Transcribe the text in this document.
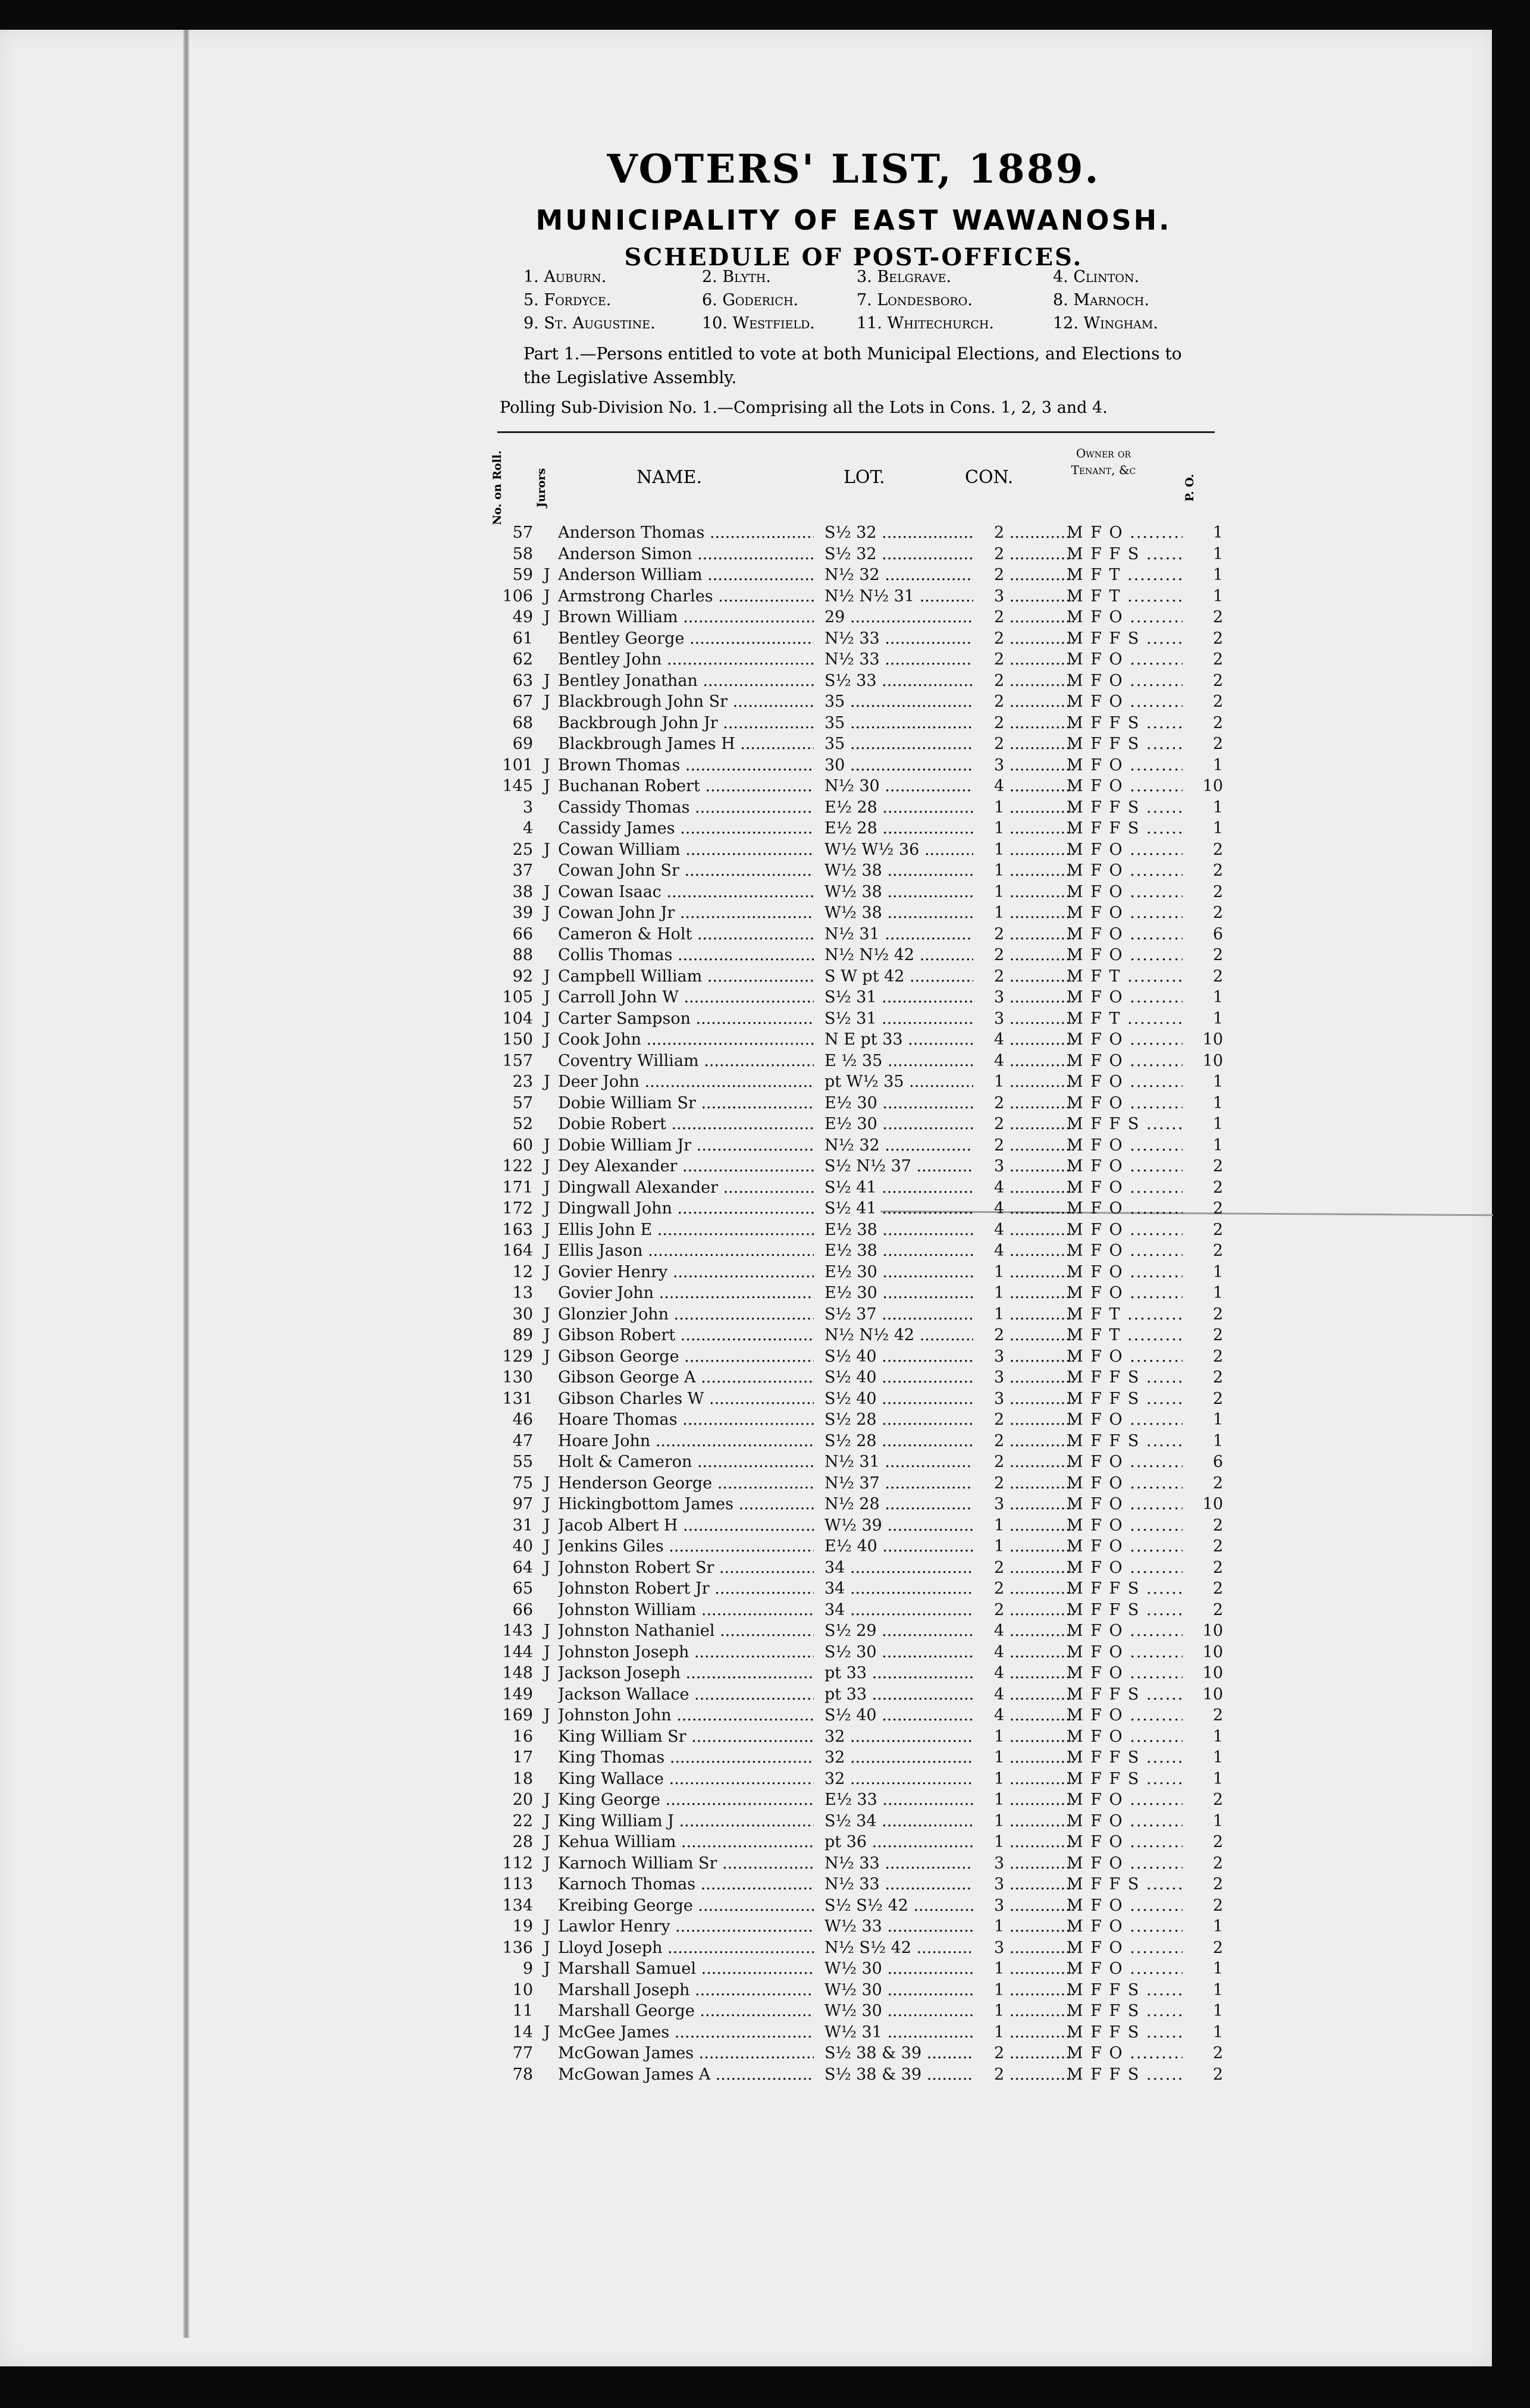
VOTERS' LIST, 1889.
MUNICIPALITY OF EAST WAWANOSH.
SCHEDULE OF POST-OFFICES.
1. Auburn.	2. Blyth.	3. Belgrave.	4. Clinton.
5. Fordyce.	6. Goderich.	7. Londesboro.	8. Marnoch.
9. St. Augustine.	10. Westfield.	11. Whitechurch.	12. Wingham.
Part 1.—Persons entitled to vote at both Municipal Elections, and Elections to the Legislative Assembly.
Polling Sub-Division No. 1.—Comprising all the Lots in Cons. 1, 2, 3 and 4.
No. on Roll.	Jurors	NAME.	LOT.	CON.
Owner or Tenant, &c
P. O.
57 Anderson Thomas .....	S½ 32 .....	2 .....	M F O .....	1
58 Anderson Simon .....	S½ 32 .....	2 .....	M F F S .....	1
59 J Anderson William .....	N½ 32 .....	2 .....	M F T .....	1
106 J Armstrong Charles .....	N½ N½ 31 .....	3 .....	M F T .....	1
49 J Brown William .....	29 .....	2 .....	M F O .....	2
61 Bentley George .....	N½ 33 .....	2 .....	M F F S .....	2
62 Bentley John .....	N½ 33 .....	2 .....	M F O .....	2
63 J Bentley Jonathan .....	S½ 33 .....	2 .....	M F O .....	2
67 J Blackbrough John Sr .....	35 .....	2 .....	M F O .....	2
68 Backbrough John Jr .....	35 .....	2 .....	M F F S .....	2
69 Blackbrough James H .....	35 .....	2 .....	M F F S .....	2
101 J Brown Thomas .....	30 .....	3 .....	M F O .....	1
145 J Buchanan Robert .....	N½ 30 .....	4 .....	M F O .....	10
3 Cassidy Thomas .....	E½ 28 .....	1 .....	M F F S .....	1
4 Cassidy James .....	E½ 28 .....	1 .....	M F F S .....	1
25 J Cowan William .....	W½ W½ 36 .....	1 .....	M F O .....	2
37 Cowan John Sr .....	W½ 38 .....	1 .....	M F O .....	2
38 J Cowan Isaac .....	W½ 38 .....	1 .....	M F O .....	2
39 J Cowan John Jr .....	W½ 38 .....	1 .....	M F O .....	2
66 Cameron & Holt .....	N½ 31 .....	2 .....	M F O .....	6
88 Collis Thomas .....	N½ N½ 42 .....	2 .....	M F O .....	2
92 J Campbell William .....	S W pt 42 .....	2 .....	M F T .....	2
105 J Carroll John W .....	S½ 31 .....	3 .....	M F O .....	1
104 J Carter Sampson .....	S½ 31 .....	3 .....	M F T .....	1
150 J Cook John .....	N E pt 33 .....	4 .....	M F O .....	10
157 Coventry William .....	E ½ 35 .....	4 .....	M F O .....	10
23 J Deer John .....	pt W½ 35 .....	1 .....	M F O .....	1
57 Dobie William Sr .....	E½ 30 .....	2 .....	M F O .....	1
52 Dobie Robert .....	E½ 30 .....	2 .....	M F F S .....	1
60 J Dobie William Jr .....	N½ 32 .....	2 .....	M F O .....	1
122 J Dey Alexander .....	S½ N½ 37 .....	3 .....	M F O .....	2
171 J Dingwall Alexander .....	S½ 41 .....	4 .....	M F O .....	2
172 J Dingwall John .....	S½ 41 .....	4 .....	M F O .....	2
163 J Ellis John E .....	E½ 38 .....	4 .....	M F O .....	2
164 J Ellis Jason .....	E½ 38 .....	4 .....	M F O .....	2
12 J Govier Henry .....	E½ 30 .....	1 .....	M F O .....	1
13 Govier John .....	E½ 30 .....	1 .....	M F O .....	1
30 J Glonzier John .....	S½ 37 .....	1 .....	M F T .....	2
89 J Gibson Robert .....	N½ N½ 42 .....	2 .....	M F T .....	2
129 J Gibson George .....	S½ 40 .....	3 .....	M F O .....	2
130 Gibson George A .....	S½ 40 .....	3 .....	M F F S .....	2
131 Gibson Charles W .....	S½ 40 .....	3 .....	M F F S .....	2
46 Hoare Thomas .....	S½ 28 .....	2 .....	M F O .....	1
47 Hoare John .....	S½ 28 .....	2 .....	M F F S .....	1
55 Holt & Cameron .....	N½ 31 .....	2 .....	M F O .....	6
75 J Henderson George .....	N½ 37 .....	2 .....	M F O .....	2
97 J Hickingbottom James .....	N½ 28 .....	3 .....	M F O .....	10
31 J Jacob Albert H .....	W½ 39 .....	1 .....	M F O .....	2
40 J Jenkins Giles .....	E½ 40 .....	1 .....	M F O .....	2
64 J Johnston Robert Sr .....	34 .....	2 .....	M F O .....	2
65 Johnston Robert Jr .....	34 .....	2 .....	M F F S .....	2
66 Johnston William .....	34 .....	2 .....	M F F S .....	2
143 J Johnston Nathaniel .....	S½ 29 .....	4 .....	M F O .....	10
144 J Johnston Joseph .....	S½ 30 .....	4 .....	M F O .....	10
148 J Jackson Joseph .....	pt 33 .....	4 .....	M F O .....	10
149 Jackson Wallace .....	pt 33 .....	4 .....	M F F S .....	10
169 J Johnston John .....	S½ 40 .....	4 .....	M F O .....	2
16 King William Sr .....	32 .....	1 .....	M F O .....	1
17 King Thomas .....	32 .....	1 .....	M F F S .....	1
18 King Wallace .....	32 .....	1 .....	M F F S .....	1
20 J King George .....	E½ 33 .....	1 .....	M F O .....	2
22 J King William J .....	S½ 34 .....	1 .....	M F O .....	1
28 J Kehua William .....	pt 36 .....	1 .....	M F O .....	2
112 J Karnoch William Sr .....	N½ 33 .....	3 .....	M F O .....	2
113 Karnoch Thomas .....	N½ 33 .....	3 .....	M F F S .....	2
134 Kreibing George .....	S½ S½ 42 .....	3 .....	M F O .....	2
19 J Lawlor Henry .....	W½ 33 .....	1 .....	M F O .....	1
136 J Lloyd Joseph .....	N½ S½ 42 .....	3 .....	M F O .....	2
9 J Marshall Samuel .....	W½ 30 .....	1 .....	M F O .....	1
10 Marshall Joseph .....	W½ 30 .....	1 .....	M F F S .....	1
11 Marshall George .....	W½ 30 .....	1 .....	M F F S .....	1
14 J McGee James .....	W½ 31 .....	1 .....	M F F S .....	1
77 McGowan James .....	S½ 38 & 39 .....	2 .....	M F O .....	2
78 McGowan James A .....	S½ 38 & 39 .....	2 .....	M F F S .....	2
